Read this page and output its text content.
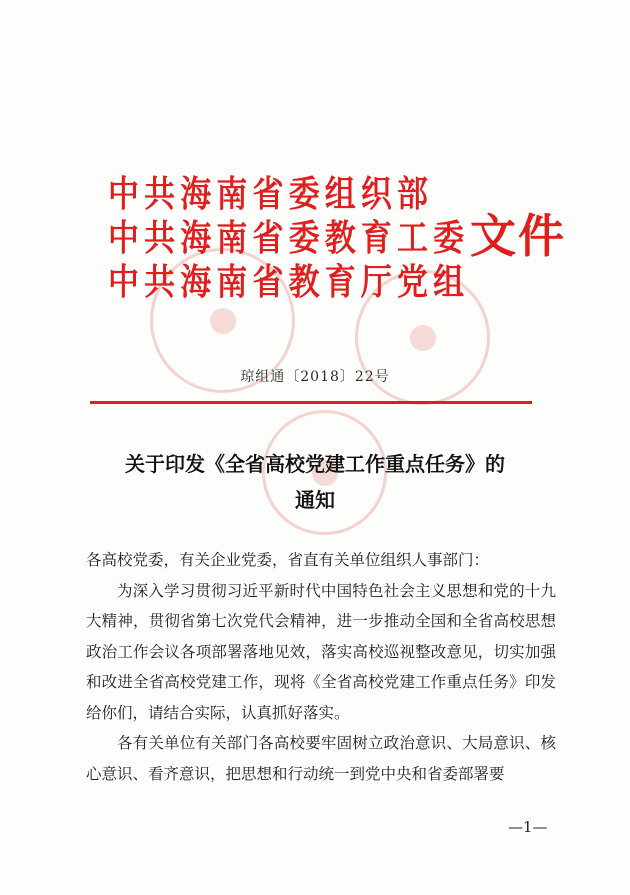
中共海南省委组织部
中共海南省委教育工委
中共海南省教育厅党组
文件
琼组通〔2018〕22号
关于印发《全省高校党建工作重点任务》的
通知

各高校党委，有关企业党委，省直有关单位组织人事部门：

为深入学习贯彻习近平新时代中国特色社会主义思想和党的十九大精神，贯彻省第七次党代会精神，进一步推动全国和全省高校思想政治工作会议各项部署落地见效，落实高校巡视整改意见，切实加强和改进全省高校党建工作，现将《全省高校党建工作重点任务》印发给你们，请结合实际，认真抓好落实。

各有关单位有关部门各高校要牢固树立政治意识、大局意识、核心意识、看齐意识，把思想和行动统一到党中央和省委部署要

—1—
